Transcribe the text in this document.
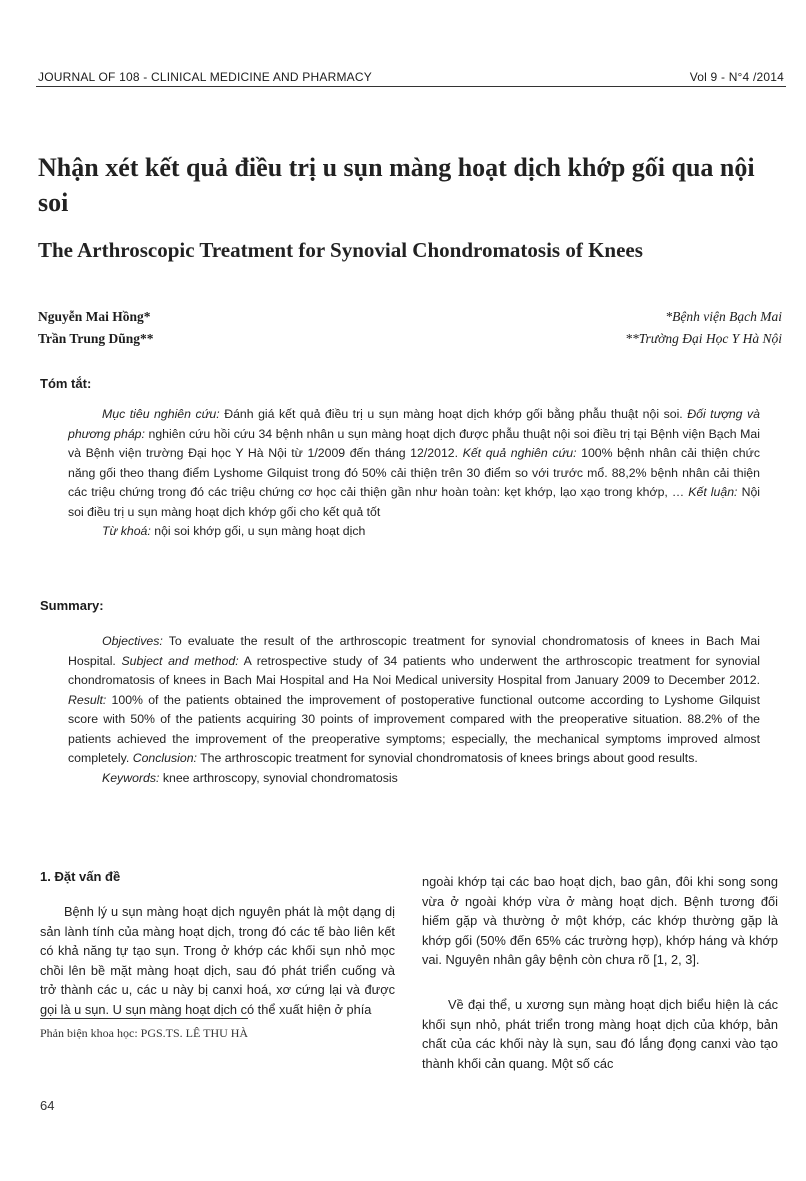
JOURNAL OF 108 - CLINICAL MEDICINE AND PHARMACY	Vol 9 - N°4 /2014
Nhận xét kết quả điều trị u sụn màng hoạt dịch khớp gối qua nội soi
The Arthroscopic Treatment for Synovial Chondromatosis of Knees
Nguyễn Mai Hồng*
Trần Trung Dũng**
*Bệnh viện Bạch Mai
**Trường Đại Học Y Hà Nội
Tóm tắt:
Mục tiêu nghiên cứu: Đánh giá kết quả điều trị u sụn màng hoạt dịch khớp gối bằng phẫu thuật nội soi. Đối tượng và phương pháp: nghiên cứu hồi cứu 34 bệnh nhân u sụn màng hoạt dịch được phẫu thuật nội soi điều trị tại Bệnh viện Bạch Mai và Bệnh viện trường Đại học Y Hà Nội từ 1/2009 đến tháng 12/2012. Kết quả nghiên cứu: 100% bệnh nhân cải thiện chức năng gối theo thang điểm Lyshome Gilquist trong đó 50% cải thiện trên 30 điểm so với trước mổ. 88,2% bệnh nhân cải thiện các triệu chứng trong đó các triệu chứng cơ học cải thiện gần như hoàn toàn: kẹt khớp, lạo xạo trong khớp, … Kết luận: Nội soi điều trị u sụn màng hoạt dịch khớp gối cho kết quả tốt
Từ khoá: nội soi khớp gối, u sụn màng hoạt dịch
Summary:
Objectives: To evaluate the result of the arthroscopic treatment for synovial chondromatosis of knees in Bach Mai Hospital. Subject and method: A retrospective study of 34 patients who underwent the arthroscopic treatment for synovial chondromatosis of knees in Bach Mai Hospital and Ha Noi Medical university Hospital from January 2009 to December 2012. Result: 100% of the patients obtained the improvement of postoperative functional outcome according to Lyshome Gilquist score with 50% of the patients acquiring 30 points of improvement compared with the preoperative situation. 88.2% of the patients achieved the improvement of the preoperative symptoms; especially, the mechanical symptoms improved almost completely. Conclusion: The arthroscopic treatment for synovial chondromatosis of knees brings about good results.
Keywords: knee arthroscopy, synovial chondromatosis
1. Đặt vấn đề
Bệnh lý u sụn màng hoạt dịch nguyên phát là một dạng dị sản lành tính của màng hoạt dịch, trong đó các tế bào liên kết có khả năng tự tạo sụn. Trong ở khớp các khối sụn nhỏ mọc chồi lên bề mặt màng hoạt dịch, sau đó phát triển cuống và trở thành các u, các u này bị canxi hoá, xơ cứng lại và được gọi là u sụn. U sụn màng hoạt dịch có thể xuất hiện ở phía
ngoài khớp tại các bao hoạt dịch, bao gân, đôi khi song song vừa ở ngoài khớp vừa ở màng hoạt dịch. Bệnh tương đối hiếm gặp và thường ở một khớp, các khớp thường gặp là khớp gối (50% đến 65% các trường hợp), khớp háng và khớp vai. Nguyên nhân gây bệnh còn chưa rõ [1, 2, 3].
Về đại thể, u xương sụn màng hoạt dịch biểu hiện là các khối sụn nhỏ, phát triển trong màng hoạt dịch của khớp, bản chất của các khối này là sụn, sau đó lắng đọng canxi vào tạo thành khối cản quang. Một số các
Phản biện khoa học: PGS.TS. LÊ THU HÀ
64
